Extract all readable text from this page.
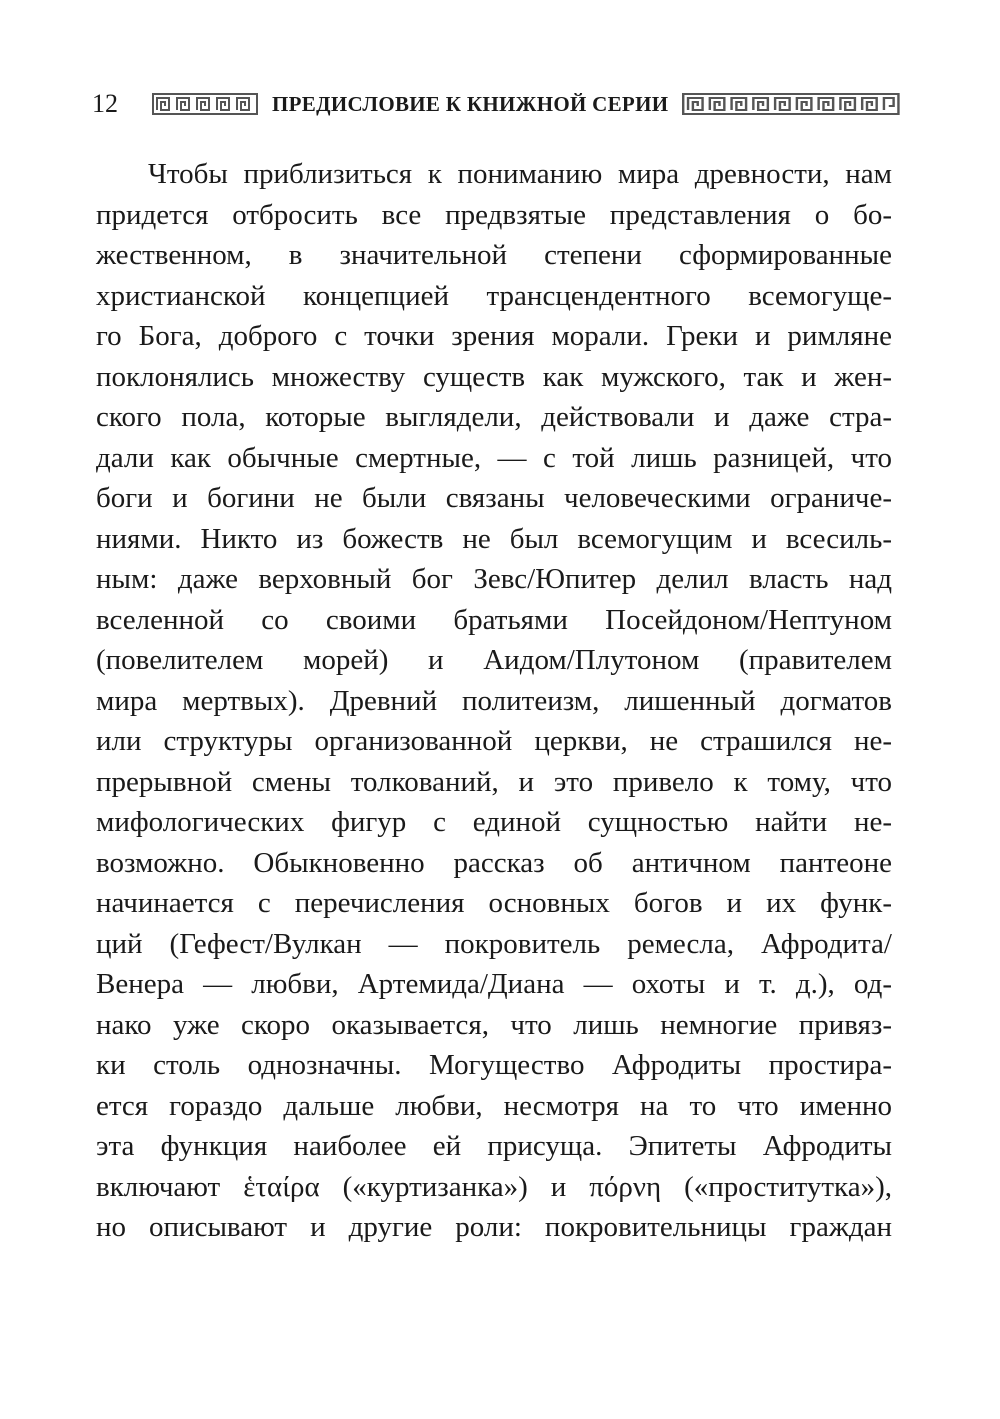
12	ПРЕДИСЛОВИЕ К КНИЖНОЙ СЕРИИ
Чтобы приблизиться к пониманию мира древности, нам
придется отбросить все предвзятые представления о бо-
жественном, в значительной степени сформированные
христианской концепцией трансцендентного всемогуще-
го Бога, доброго с точки зрения морали. Греки и римляне
поклонялись множеству существ как мужского, так и жен-
ского пола, которые выглядели, действовали и даже стра-
дали как обычные смертные, — с той лишь разницей, что
боги и богини не были связаны человеческими ограниче-
ниями. Никто из божеств не был всемогущим и всесиль-
ным: даже верховный бог Зевс/Юпитер делил власть над
вселенной со своими братьями Посейдоном/Нептуном
(повелителем морей) и Аидом/Плутоном (правителем
мира мертвых). Древний политеизм, лишенный догматов
или структуры организованной церкви, не страшился не-
прерывной смены толкований, и это привело к тому, что
мифологических фигур с единой сущностью найти не-
возможно. Обыкновенно рассказ об античном пантеоне
начинается с перечисления основных богов и их функ-
ций (Гефест/Вулкан — покровитель ремесла, Афродита/
Венера — любви, Артемида/Диана — охоты и т. д.), од-
нако уже скоро оказывается, что лишь немногие привяз-
ки столь однозначны. Могущество Афродиты простира-
ется гораздо дальше любви, несмотря на то что именно
эта функция наиболее ей присуща. Эпитеты Афродиты
включают ἑταίρα («куртизанка») и πόρνη («проститутка»),
но описывают и другие роли: покровительницы граждан
